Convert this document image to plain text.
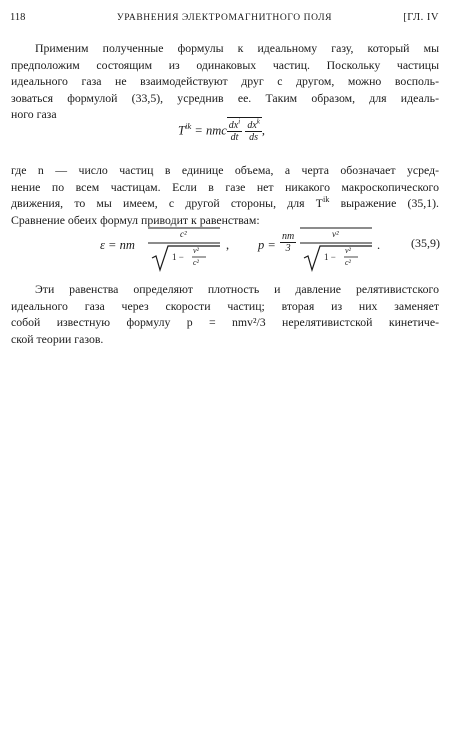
118	УРАВНЕНИЯ ЭЛЕКТРОМАГНИТНОГО ПОЛЯ	[ГЛ. IV
Применим полученные формулы к идеальному газу, который мы
предположим состоящим из одинаковых частиц. Поскольку частицы
идеального газа не взаимодействуют друг с другом, можно восполь-
зоваться формулой (33,5), усреднив ее. Таким образом, для идеаль-
ного газа
$T^{ik}$ = nmc $\frac{dx^i}{dt}$
$\frac{dx^k}{ds}$ ,
где n — число частиц в единице объема, а черта обозначает усред-
нение по всем частицам. Если в газе нет никакого макроскопического
движения, то мы имеем, с другой стороны, для $T^{ik}$ выражение (35,1).
Сравнение обеих формул приводит к равенствам:
ε = nm
c²
1 −
v²
c²
, $p = \frac{nm}{3}$	v²
1 −
v²
c²
.	(35,9)
Эти равенства определяют плотность и давление релятивистского
идеального газа через скорости частиц; вторая из них заменяет
собой известную формулу p = nmv²/3 нерелятивистской кинетиче-
ской теории газов.
